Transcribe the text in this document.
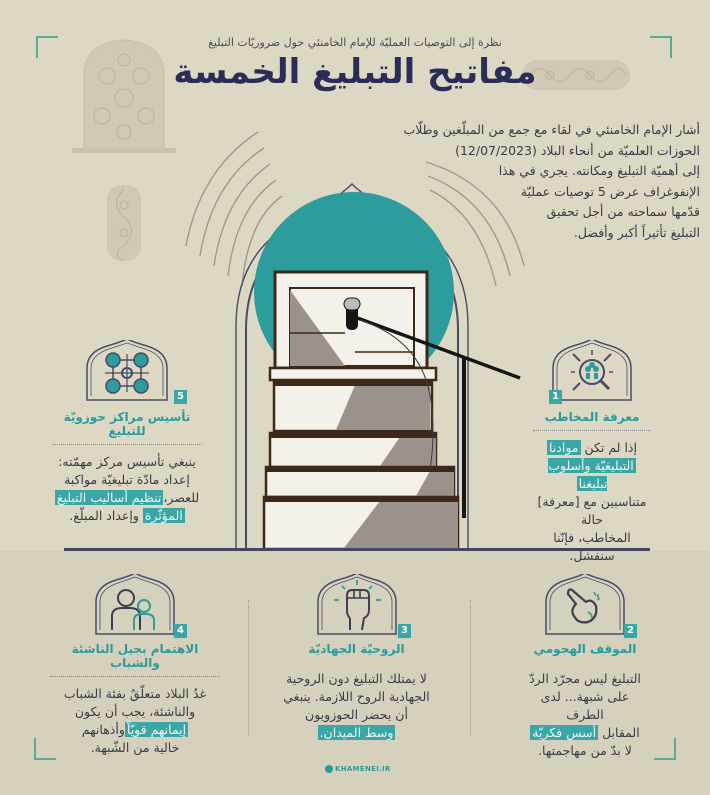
نظرة إلى التوصيات العمليّة للإمام الخامنئي حول ضروريّات التبليغ
مفاتيح التبليغ الخمسة
أشار الإمام الخامنئي في لقاء مع جمع من المبلّغين وطلّاب
الحوزات العلميّة من أنحاء البلاد (12/07/2023)
إلى أهميّة التبليغ ومكانته. يجري في هذا
الإنفوغراف عرض 5 توصيات عمليّة
قدّمها سماحته من أجل تحقيق
التبليغ تأثيراً أكبر وأفضل.
1
معرفة المخاطب
إذا لم تكن موادنا
التبليغيّة وأسلوب تبليغنا
متناسبين مع [معرفة] حالة
المخاطب، فإنّنا سنفشل.
5
تأسيس مراكز حوزويّة للتبليغ
ينبغي تأسيس مركز مهمّته:
إعداد مادّة تبليغيّة مواكبة
للعصر،تنظيم أساليب التبليغ
المؤثّرة وإعداد المبلّغ.
2
الموقف الهجومي
التبليغ ليس مجرّد الردّ
على شبهة... لدى الطرف
المقابل أسس فكريّة
لا بدّ من مهاجمتها.
3
الروحيّة الجهاديّة
لا يمتلك التبليغ دون الروحية
الجهادية الروح اللازمة. ينبغي
أن يحضر الحوزويون
وسط الميدان.
4
الاهتمام بجيل الناشئة والشباب
غدُ البلاد متعلّقٌ بفئة الشباب
والناشئة، يجب أن يكون
إيمانهم قويّاًوأذهانهم
خالية من الشّبهة.
KHAMENEI.IR
